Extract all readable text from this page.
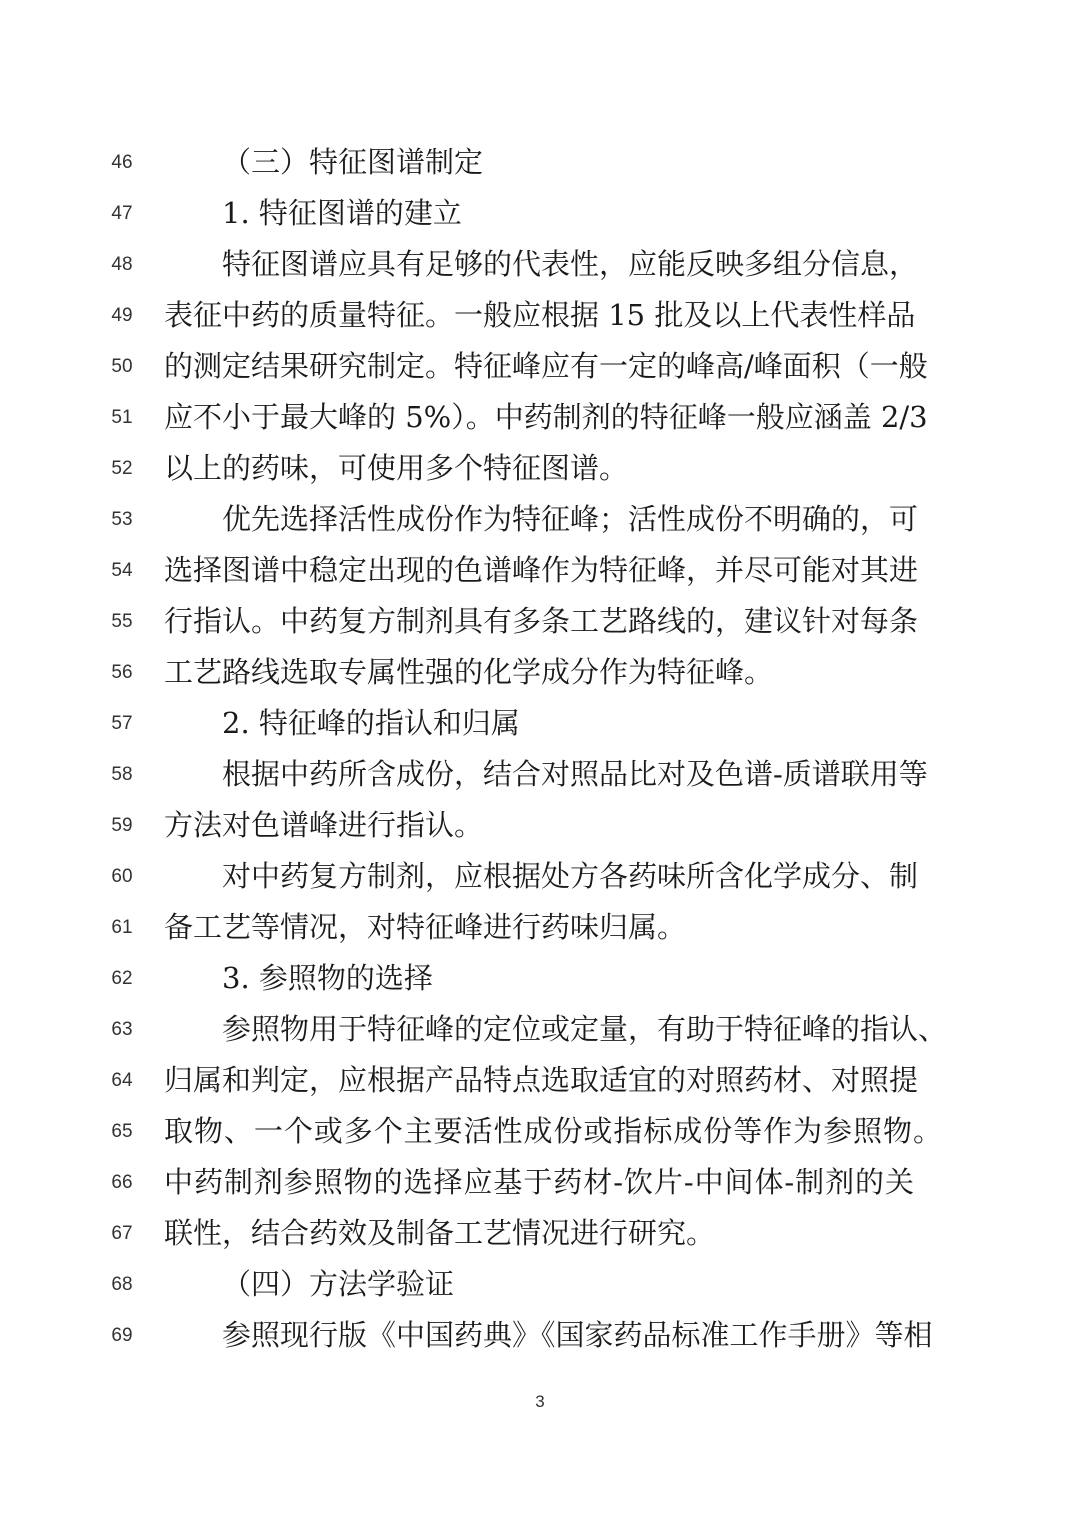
46	（三）特征图谱制定
47	1. 特征图谱的建立
48	特征图谱应具有足够的代表性，应能反映多组分信息，
49	表征中药的质量特征。一般应根据 15 批及以上代表性样品
50	的测定结果研究制定。特征峰应有一定的峰高/峰面积（一般
51	应不小于最大峰的 5%）。中药制剂的特征峰一般应涵盖 2/3
52	以上的药味，可使用多个特征图谱。
53	优先选择活性成份作为特征峰；活性成份不明确的，可
54	选择图谱中稳定出现的色谱峰作为特征峰，并尽可能对其进
55	行指认。中药复方制剂具有多条工艺路线的，建议针对每条
56	工艺路线选取专属性强的化学成分作为特征峰。
57	2. 特征峰的指认和归属
58	根据中药所含成份，结合对照品比对及色谱-质谱联用等
59	方法对色谱峰进行指认。
60	对中药复方制剂，应根据处方各药味所含化学成分、制
61	备工艺等情况，对特征峰进行药味归属。
62	3. 参照物的选择
63	参照物用于特征峰的定位或定量，有助于特征峰的指认、
64	归属和判定，应根据产品特点选取适宜的对照药材、对照提
65	取物、一个或多个主要活性成份或指标成份等作为参照物。
66	中药制剂参照物的选择应基于药材-饮片-中间体-制剂的关
67	联性，结合药效及制备工艺情况进行研究。
68	（四）方法学验证
69	参照现行版《中国药典》《国家药品标准工作手册》等相
3
